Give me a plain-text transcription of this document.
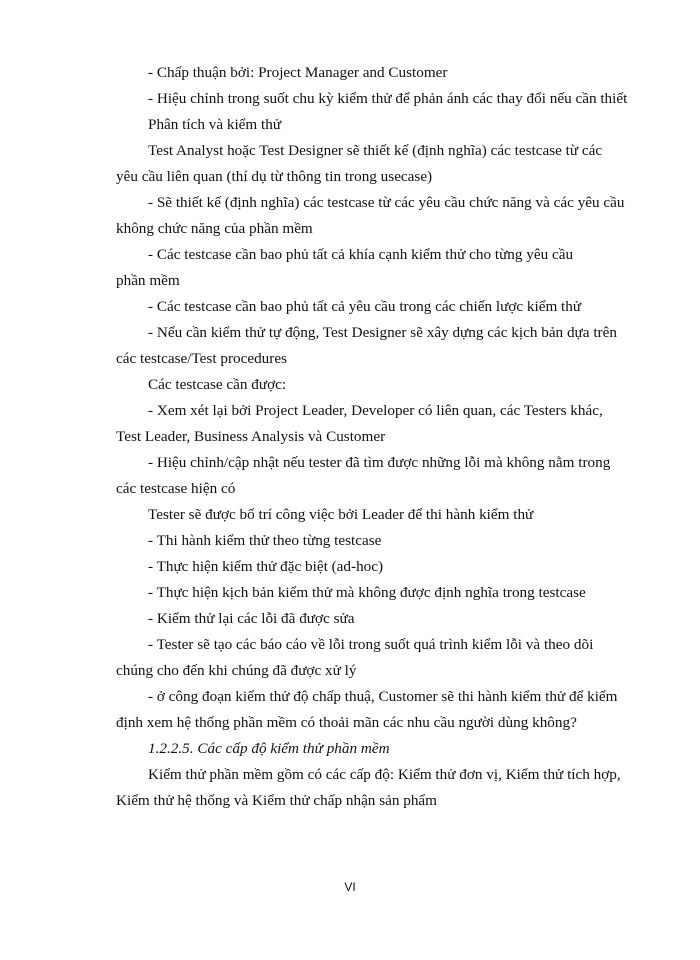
- Chấp thuận bởi: Project Manager and Customer
- Hiệu chỉnh trong suốt chu kỳ kiểm thử để phản ánh các thay đổi nếu cần thiết
Phân tích và kiểm thử
Test Analyst hoặc Test Designer sẽ thiết kế (định nghĩa) các testcase từ các
yêu cầu liên quan (thí dụ từ thông tin trong usecase)
- Sẽ thiết kế (định nghĩa) các testcase từ các yêu cầu chức năng và các yêu cầu
không chức năng của phần mềm
- Các testcase cần bao phủ tất cả khía cạnh kiểm thử cho từng yêu cầu
phần mềm
- Các testcase cần bao phủ tất cả yêu cầu trong các chiến lược kiểm thử
- Nếu cần kiểm thử tự động, Test Designer sẽ xây dựng các kịch bản dựa trên
các testcase/Test procedures
Các testcase cần được:
- Xem xét lại bởi Project Leader, Developer có liên quan, các Testers khác,
Test Leader, Business Analysis và Customer
- Hiệu chỉnh/cập nhật nếu tester đã tìm được những lỗi mà không nằm trong
các testcase hiện có
Tester sẽ được bố trí công việc bởi Leader để thi hành kiểm thử
- Thi hành kiểm thử theo từng testcase
- Thực hiện kiểm thử đặc biệt (ad-hoc)
- Thực hiện kịch bản kiểm thử mà không được định nghĩa trong testcase
- Kiểm thử lại các lỗi đã được sửa
- Tester sẽ tạo các báo cáo về lỗi trong suốt quá trình kiểm lỗi và theo dõi
chúng cho đến khi chúng đã được xử lý
- ở công đoạn kiểm thử độ chấp thuậ, Customer sẽ thi hành kiểm thử để kiểm
định xem hệ thống phần mềm có thoải mãn các nhu cầu người dùng không?
1.2.2.5. Các cấp độ kiểm thử phần mềm
Kiểm thử phần mềm gồm có các cấp độ: Kiểm thử đơn vị, Kiểm thử tích hợp,
Kiểm thử hệ thống và Kiểm thử chấp nhận sản phẩm
VI
